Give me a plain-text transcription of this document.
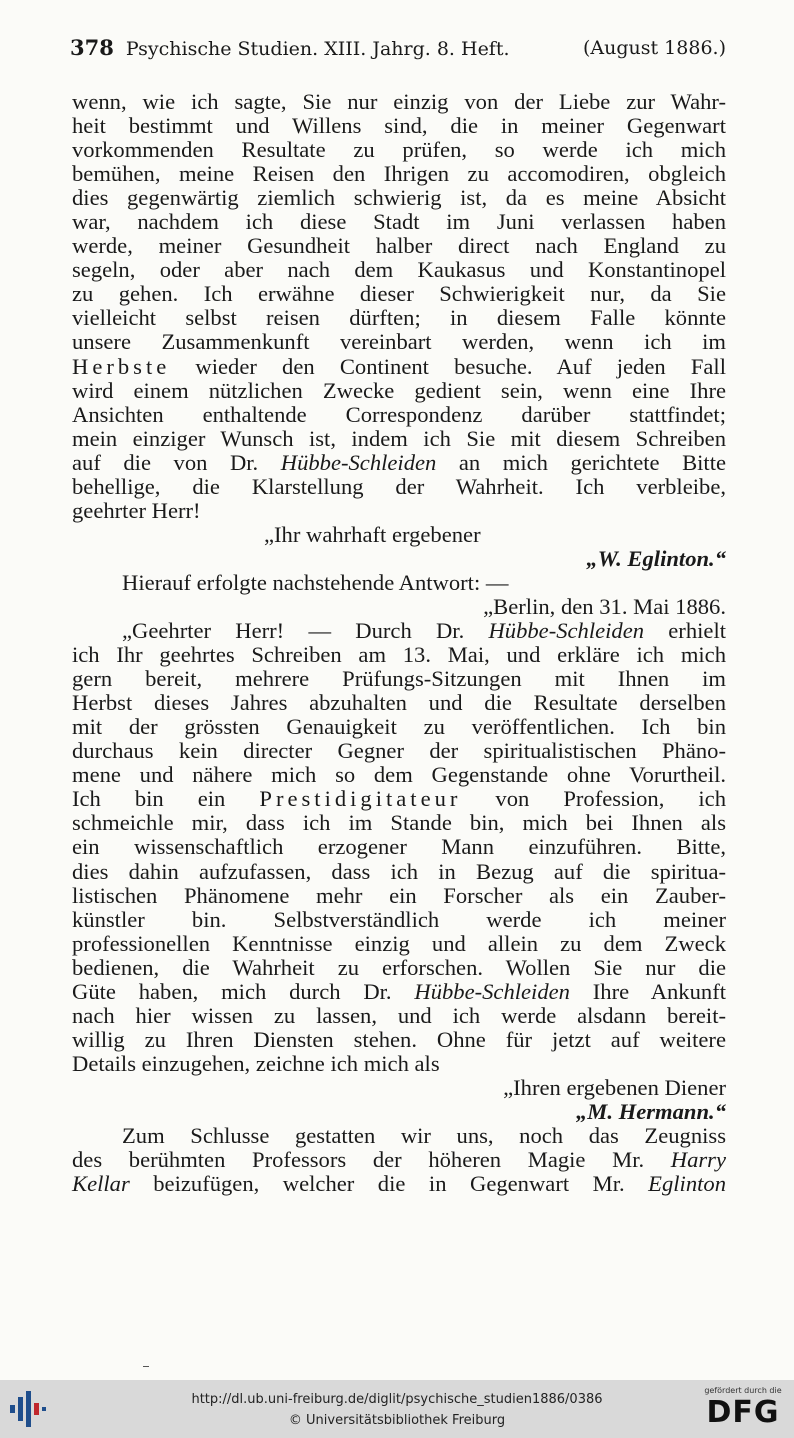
378 Psychische Studien. XIII. Jahrg. 8. Heft.	(August 1886.)
wenn, wie ich sagte, Sie nur einzig von der Liebe zur Wahr-
heit bestimmt und Willens sind, die in meiner Gegenwart
vorkommenden Resultate zu prüfen, so werde ich mich
bemühen, meine Reisen den Ihrigen zu accomodiren, obgleich
dies gegenwärtig ziemlich schwierig ist, da es meine Absicht
war, nachdem ich diese Stadt im Juni verlassen haben
werde, meiner Gesundheit halber direct nach England zu
segeln, oder aber nach dem Kaukasus und Konstantinopel
zu gehen. Ich erwähne dieser Schwierigkeit nur, da Sie
vielleicht selbst reisen dürften; in diesem Falle könnte
unsere Zusammenkunft vereinbart werden, wenn ich im
Herbste wieder den Continent besuche. Auf jeden Fall
wird einem nützlichen Zwecke gedient sein, wenn eine Ihre
Ansichten enthaltende Correspondenz darüber stattfindet;
mein einziger Wunsch ist, indem ich Sie mit diesem Schreiben
auf die von Dr. Hübbe-Schleiden an mich gerichtete Bitte
behellige, die Klarstellung der Wahrheit. Ich verbleibe,
geehrter Herr!
„Ihr wahrhaft ergebener
„W. Eglinton.“
Hierauf erfolgte nachstehende Antwort: —
„Berlin, den 31. Mai 1886.
„Geehrter Herr! — Durch Dr. Hübbe-Schleiden erhielt
ich Ihr geehrtes Schreiben am 13. Mai, und erkläre ich mich
gern bereit, mehrere Prüfungs-Sitzungen mit Ihnen im
Herbst dieses Jahres abzuhalten und die Resultate derselben
mit der grössten Genauigkeit zu veröffentlichen. Ich bin
durchaus kein directer Gegner der spiritualistischen Phäno-
mene und nähere mich so dem Gegenstande ohne Vorurtheil.
Ich bin ein Prestidigitateur von Profession, ich
schmeichle mir, dass ich im Stande bin, mich bei Ihnen als
ein wissenschaftlich erzogener Mann einzuführen. Bitte,
dies dahin aufzufassen, dass ich in Bezug auf die spiritua-
listischen Phänomene mehr ein Forscher als ein Zauber-
künstler bin. Selbstverständlich werde ich meiner
professionellen Kenntnisse einzig und allein zu dem Zweck
bedienen, die Wahrheit zu erforschen. Wollen Sie nur die
Güte haben, mich durch Dr. Hübbe-Schleiden Ihre Ankunft
nach hier wissen zu lassen, und ich werde alsdann bereit-
willig zu Ihren Diensten stehen. Ohne für jetzt auf weitere
Details einzugehen, zeichne ich mich als
„Ihren ergebenen Diener
„M. Hermann.“
Zum Schlusse gestatten wir uns, noch das Zeugniss
des berühmten Professors der höheren Magie Mr. Harry
Kellar beizufügen, welcher die in Gegenwart Mr. Eglinton
http://dl.ub.uni-freiburg.de/diglit/psychische_studien1886/0386
© Universitätsbibliothek Freiburg
gefördert durch die
DFG
